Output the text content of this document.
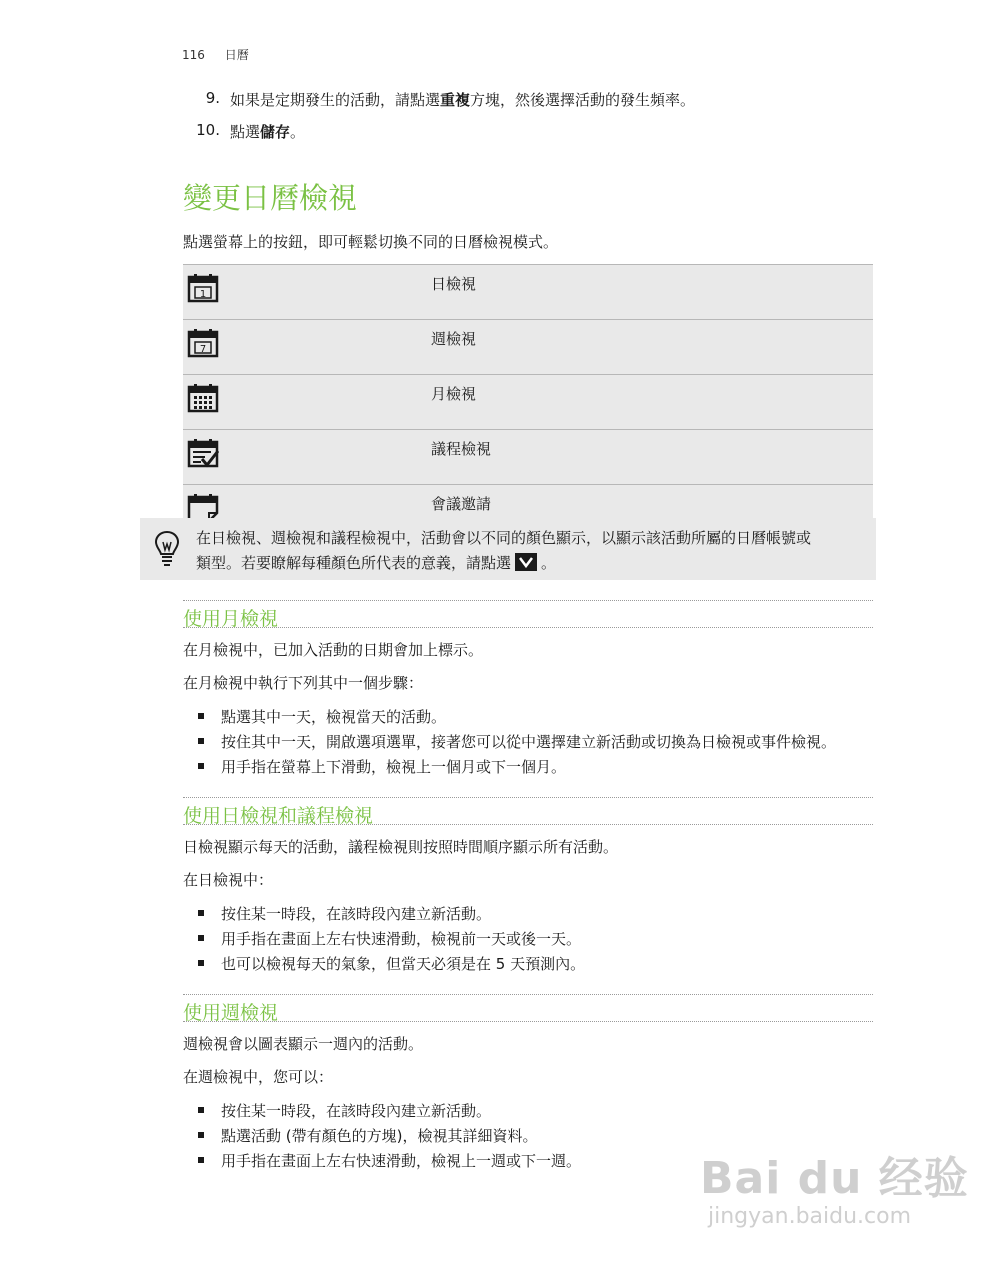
116 日曆
9. 如果是定期發生的活動，請點選重複方塊，然後選擇活動的發生頻率。
10. 點選儲存。
變更日曆檢視
點選螢幕上的按鈕，即可輕鬆切換不同的日曆檢視模式。
1	日檢視

7	週檢視
	月檢視
	議程檢視
	會議邀請
在日檢視、週檢視和議程檢視中，活動會以不同的顏色顯示，以顯示該活動所屬的日曆帳號或
類型。若要瞭解每種顏色所代表的意義，請點選 。
使用月檢視
在月檢視中，已加入活動的日期會加上標示。
在月檢視中執行下列其中一個步驟：
點選其中一天，檢視當天的活動。
按住其中一天，開啟選項選單，接著您可以從中選擇建立新活動或切換為日檢視或事件檢視。
用手指在螢幕上下滑動，檢視上一個月或下一個月。
使用日檢視和議程檢視
日檢視顯示每天的活動，議程檢視則按照時間順序顯示所有活動。
在日檢視中：
按住某一時段，在該時段內建立新活動。
用手指在畫面上左右快速滑動，檢視前一天或後一天。
也可以檢視每天的氣象，但當天必須是在 5 天預測內。
使用週檢視
週檢視會以圖表顯示一週內的活動。
在週檢視中，您可以：
按住某一時段，在該時段內建立新活動。
點選活動 (帶有顏色的方塊)，檢視其詳細資料。
用手指在畫面上左右快速滑動，檢視上一週或下一週。	Bai du 经验
jingyan.baidu.com
